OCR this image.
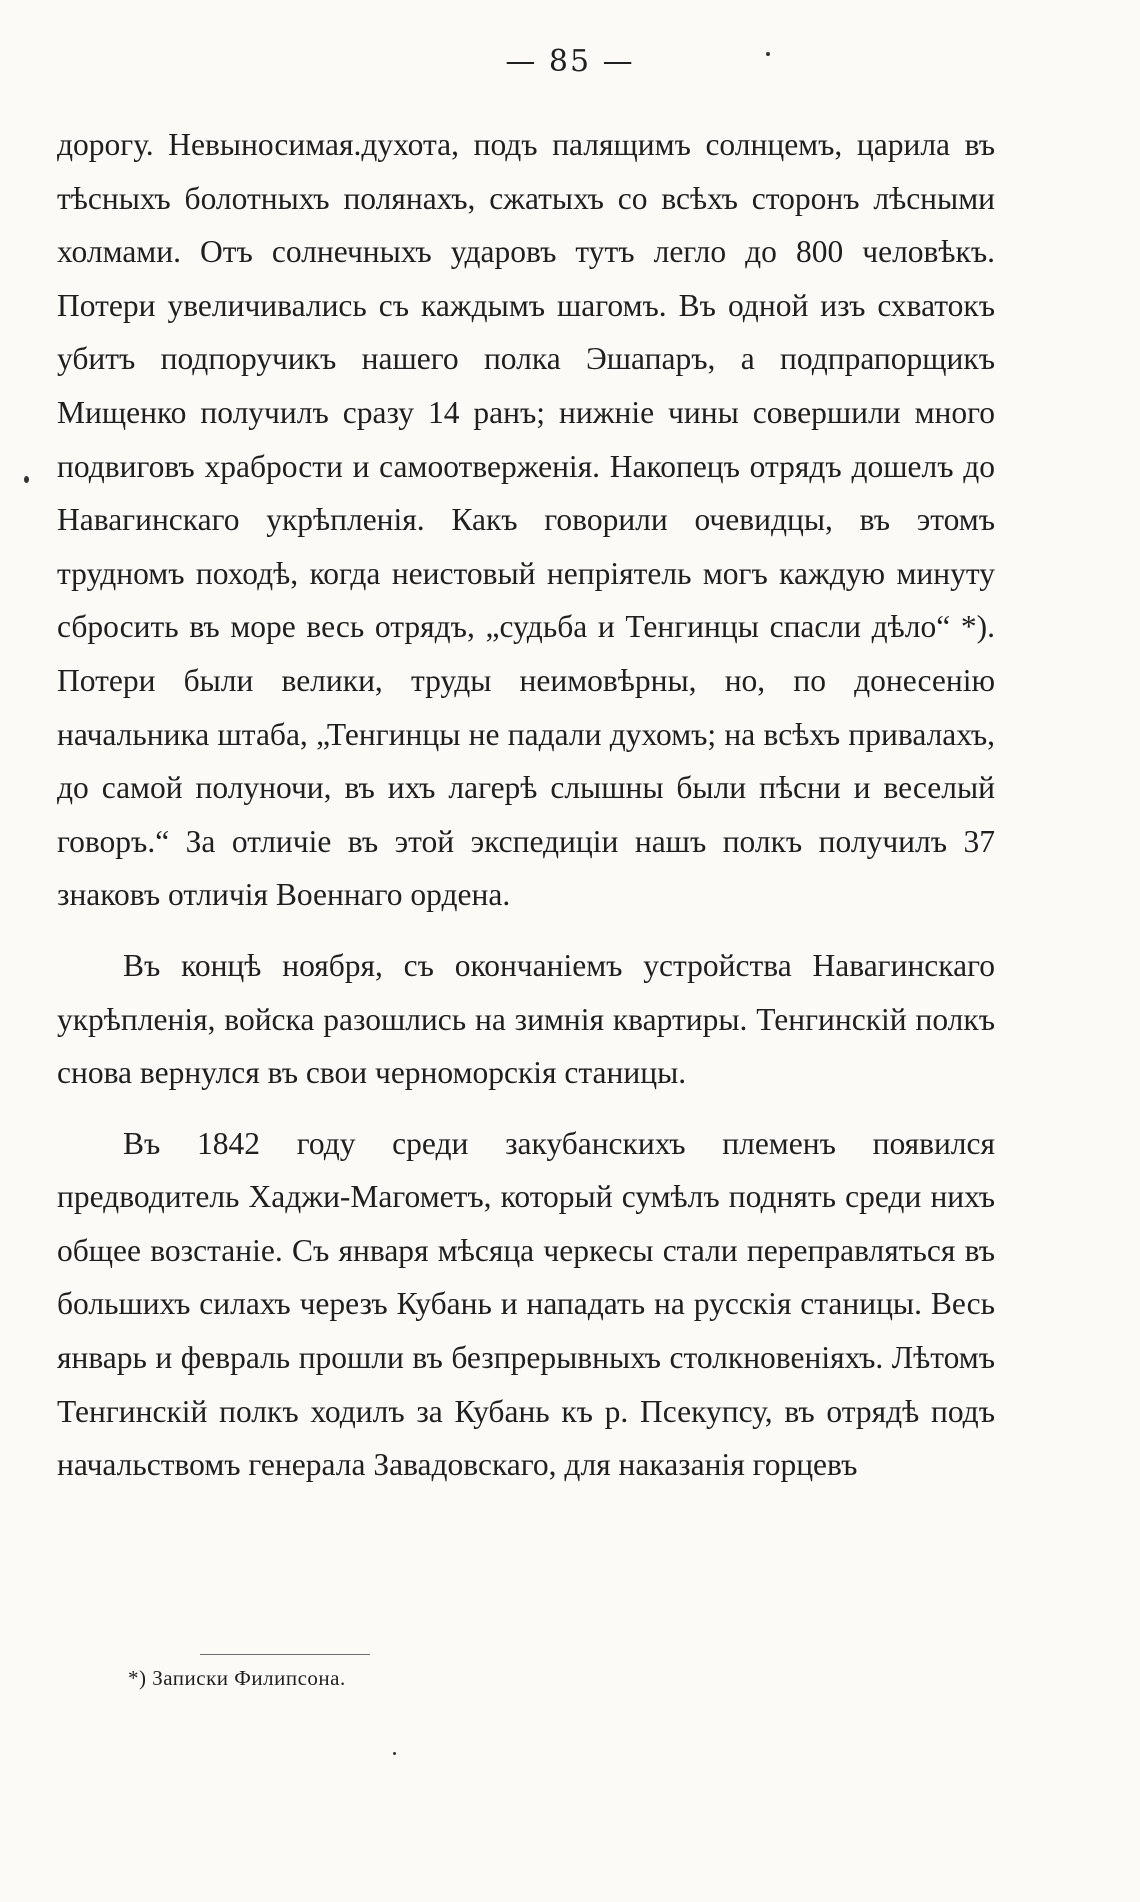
— 85 —

дорогу. Невыносимая.духота, подъ палящимъ солнцемъ, царила въ тѣсныхъ болотныхъ полянахъ, сжатыхъ со всѣхъ сторонъ лѣсными холмами. Отъ солнечныхъ ударовъ тутъ легло до 800 человѣкъ. Потери увеличивались съ каждымъ шагомъ. Въ одной изъ схватокъ убитъ подпоручикъ нашего полка Эшапаръ, а подпрапорщикъ Мищенко получилъ сразу 14 ранъ; нижніе чины совершили много подвиговъ храбрости и самоотверженія. Накопецъ отрядъ дошелъ до Навагинскаго укрѣпленія. Какъ говорили очевидцы, въ этомъ трудномъ походѣ, когда неистовый непріятель могъ каждую минуту сбросить въ море весь отрядъ, „судьба и Тенгинцы спасли дѣло“ *). Потери были велики, труды неимовѣрны, но, по донесенію начальника штаба, „Тенгинцы не падали духомъ; на всѣхъ привалахъ, до самой полуночи, въ ихъ лагерѣ слышны были пѣсни и веселый говоръ.“ За отличіе въ этой экспедиціи нашъ полкъ получилъ 37 знаковъ отличія Военнаго ордена.

Въ концѣ ноября, съ окончаніемъ устройства Навагинскаго укрѣпленія, войска разошлись на зимнія квартиры. Тенгинскій полкъ снова вернулся въ свои черноморскія станицы.

Въ 1842 году среди закубанскихъ племенъ появился предводитель Хаджи-Магометъ, который сумѣлъ поднять среди нихъ общее возстаніе. Съ января мѣсяца черкесы стали переправляться въ большихъ силахъ черезъ Кубань и нападать на русскія станицы. Весь январь и февраль прошли въ безпрерывныхъ столкновеніяхъ. Лѣтомъ Тенгинскій полкъ ходилъ за Кубань къ р. Псекупсу, въ отрядѣ подъ начальствомъ генерала Завадовскаго, для наказанія горцевъ

*) Записки Филипсона.
